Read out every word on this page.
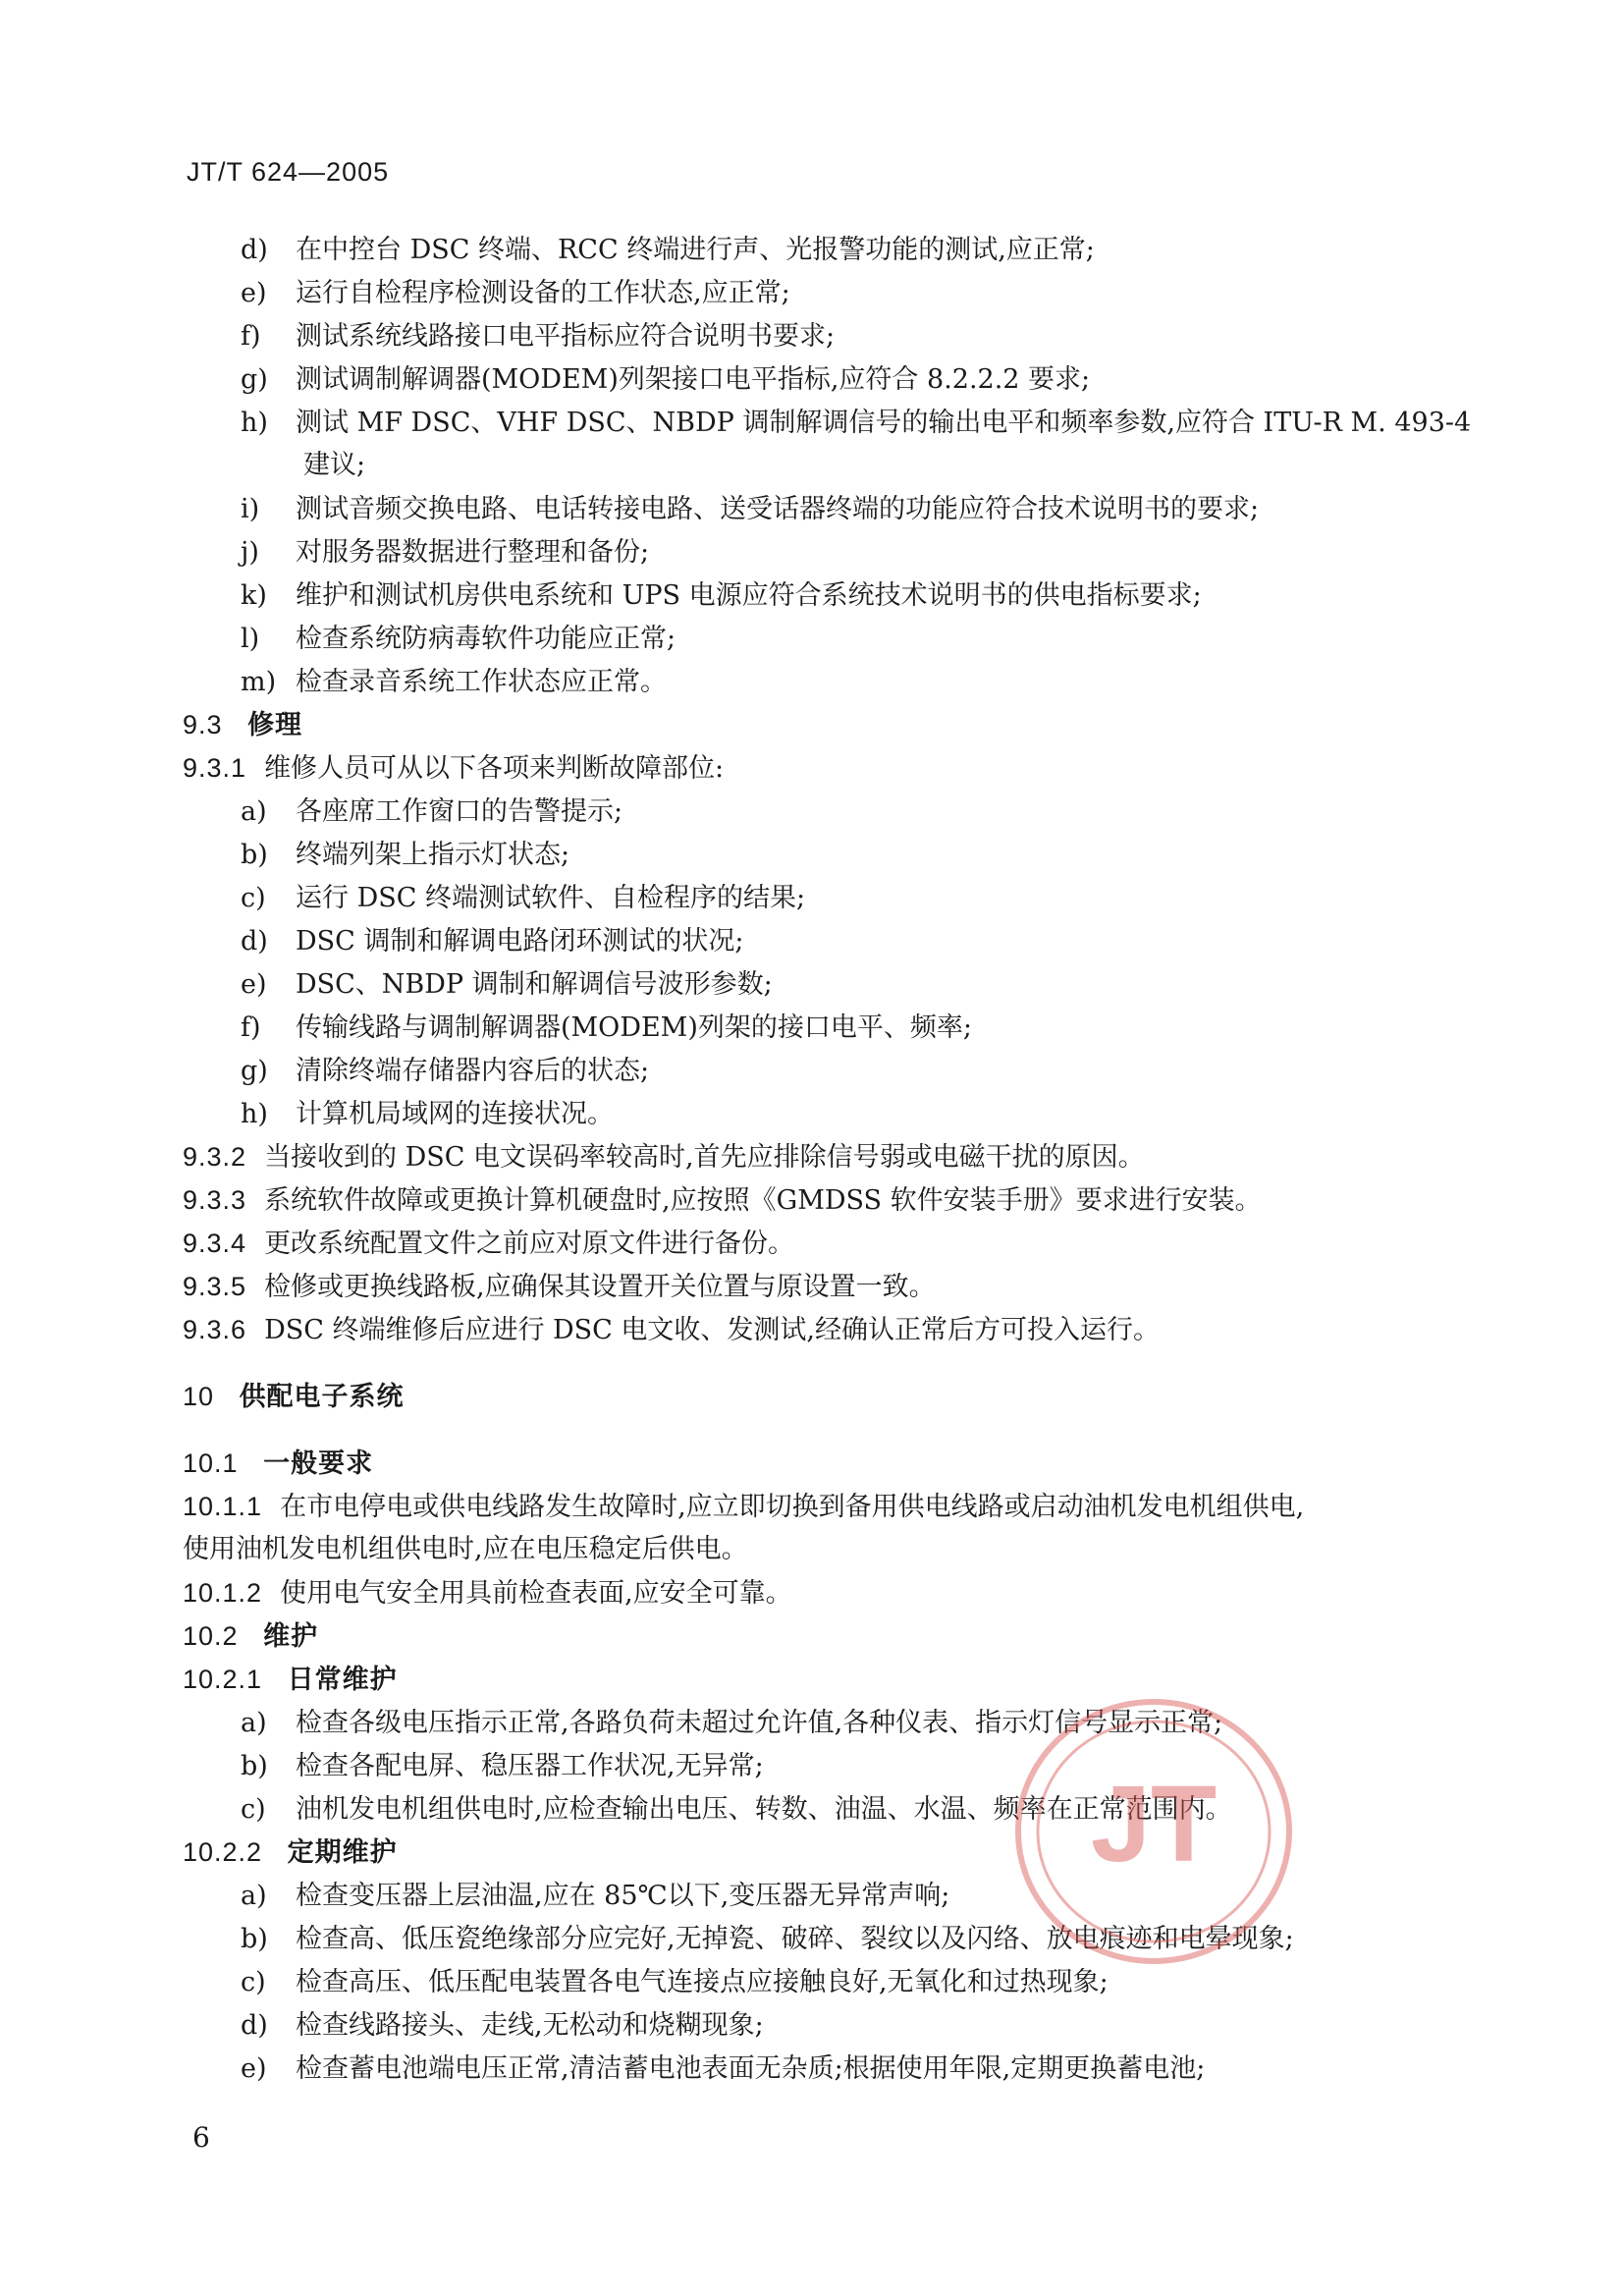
JT/T 624—2005
d) 在中控台 DSC 终端、RCC 终端进行声、光报警功能的测试,应正常;
e) 运行自检程序检测设备的工作状态,应正常;
f) 测试系统线路接口电平指标应符合说明书要求;
g) 测试调制解调器(MODEM)列架接口电平指标,应符合 8.2.2.2 要求;
h) 测试 MF DSC、VHF DSC、NBDP 调制解调信号的输出电平和频率参数,应符合 ITU-R M. 493-4
建议;
i) 测试音频交换电路、电话转接电路、送受话器终端的功能应符合技术说明书的要求;
j) 对服务器数据进行整理和备份;
k) 维护和测试机房供电系统和 UPS 电源应符合系统技术说明书的供电指标要求;
l) 检查系统防病毒软件功能应正常;
m) 检查录音系统工作状态应正常。
9.3 修理
9.3.1 维修人员可从以下各项来判断故障部位:
a) 各座席工作窗口的告警提示;
b) 终端列架上指示灯状态;
c) 运行 DSC 终端测试软件、自检程序的结果;
d) DSC 调制和解调电路闭环测试的状况;
e) DSC、NBDP 调制和解调信号波形参数;
f) 传输线路与调制解调器(MODEM)列架的接口电平、频率;
g) 清除终端存储器内容后的状态;
h) 计算机局域网的连接状况。
9.3.2 当接收到的 DSC 电文误码率较高时,首先应排除信号弱或电磁干扰的原因。
9.3.3 系统软件故障或更换计算机硬盘时,应按照《GMDSS 软件安装手册》要求进行安装。
9.3.4 更改系统配置文件之前应对原文件进行备份。
9.3.5 检修或更换线路板,应确保其设置开关位置与原设置一致。
9.3.6 DSC 终端维修后应进行 DSC 电文收、发测试,经确认正常后方可投入运行。
10 供配电子系统
10.1 一般要求
10.1.1 在市电停电或供电线路发生故障时,应立即切换到备用供电线路或启动油机发电机组供电,
使用油机发电机组供电时,应在电压稳定后供电。
10.1.2 使用电气安全用具前检查表面,应安全可靠。
10.2 维护
10.2.1 日常维护
a) 检查各级电压指示正常,各路负荷未超过允许值,各种仪表、指示灯信号显示正常;
b) 检查各配电屏、稳压器工作状况,无异常;
c) 油机发电机组供电时,应检查输出电压、转数、油温、水温、频率在正常范围内。
10.2.2 定期维护
a) 检查变压器上层油温,应在 85℃以下,变压器无异常声响;
b) 检查高、低压瓷绝缘部分应完好,无掉瓷、破碎、裂纹以及闪络、放电痕迹和电晕现象;
c) 检查高压、低压配电装置各电气连接点应接触良好,无氧化和过热现象;
d) 检查线路接头、走线,无松动和烧糊现象;
e) 检查蓄电池端电压正常,清洁蓄电池表面无杂质;根据使用年限,定期更换蓄电池;
JT
6
